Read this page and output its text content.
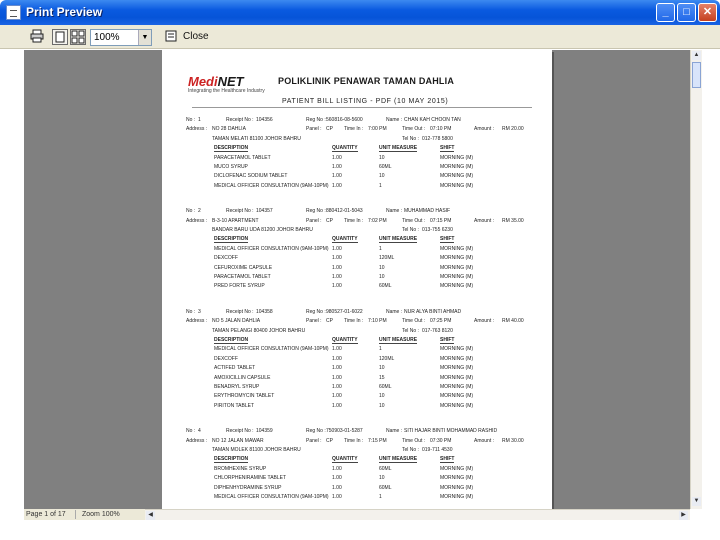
Print Preview	_	□	✕
100%	▼	Close
MediNET
Integrating the Healthcare Industry
POLIKLINIK PENAWAR TAMAN DAHLIA
PATIENT BILL LISTING - PDF (10 MAY 2015)
No : 1	Receipt No : 104356	Reg No : 560816-08-5600	Name : CHAN KAH CHOON TAN
Address : NO 28 DAHLIA	Panel : CP Time In : 7:00 PM	Time Out : 07:10 PM	Amount : RM 20.00
TAMAN MELATI 81100 JOHOR BAHRU	Tel No : 012-778 5800
DESCRIPTION	QUANTITY	UNIT MEASURE	SHIFT
PARACETAMOL TABLET	1.00	10	MORNING (M)
MUCO SYRUP	1.00	60ML	MORNING (M)
DICLOFENAC SODIUM TABLET	1.00	10	MORNING (M)
MEDICAL OFFICER CONSULTATION (9AM-10PM) 1.00	1	MORNING (M)
No : 2	Receipt No : 104357	Reg No : 880412-01-5043	Name : MUHAMMAD HASIF
Address : B-3-10 APARTMENT	Panel : CP Time In : 7:02 PM	Time Out : 07:15 PM	Amount : RM 35.00
BANDAR BARU UDA 81200 JOHOR BAHRU	Tel No : 013-755 6230
DESCRIPTION	QUANTITY	UNIT MEASURE	SHIFT
MEDICAL OFFICER CONSULTATION (9AM-10PM) 1.00	1	MORNING (M)
DEXCOFF	1.00	120ML	MORNING (M)
CEFUROXIME CAPSULE	1.00	10	MORNING (M)
PARACETAMOL TABLET	1.00	10	MORNING (M)
PRED FORTE SYRUP	1.00	60ML	MORNING (M)
No : 3	Receipt No : 104358	Reg No : 980527-01-6022	Name : NUR ALYA BINTI AHMAD
Address : NO 5 JALAN DAHLIA	Panel : CP Time In : 7:10 PM	Time Out : 07:25 PM	Amount : RM 40.00
TAMAN PELANGI 80400 JOHOR BAHRU	Tel No : 017-763 8120
DESCRIPTION	QUANTITY	UNIT MEASURE	SHIFT
MEDICAL OFFICER CONSULTATION (9AM-10PM) 1.00	1	MORNING (M)
DEXCOFF	1.00	120ML	MORNING (M)
ACTIFED TABLET	1.00	10	MORNING (M)
AMOXICILLIN CAPSULE	1.00	15	MORNING (M)
BENADRYL SYRUP	1.00	60ML	MORNING (M)
ERYTHROMYCIN TABLET	1.00	10	MORNING (M)
PIRITON TABLET	1.00	10	MORNING (M)
No : 4	Receipt No : 104359	Reg No : 750903-01-5287	Name : SITI HAJAR BINTI MOHAMMAD RASHID
Address : NO 12 JALAN MAWAR	Panel : CP Time In : 7:15 PM	Time Out : 07:30 PM	Amount : RM 30.00
TAMAN MOLEK 81100 JOHOR BAHRU	Tel No : 019-711 4530
DESCRIPTION	QUANTITY	UNIT MEASURE	SHIFT
BROMHEXINE SYRUP	1.00	60ML	MORNING (M)
CHLORPHENIRAMINE TABLET	1.00	10	MORNING (M)
DIPHENHYDRAMINE SYRUP	1.00	60ML	MORNING (M)
MEDICAL OFFICER CONSULTATION (9AM-10PM) 1.00	1	MORNING (M)
▲
▼
Page 1 of 17	Zoom 100%	◀	▶
